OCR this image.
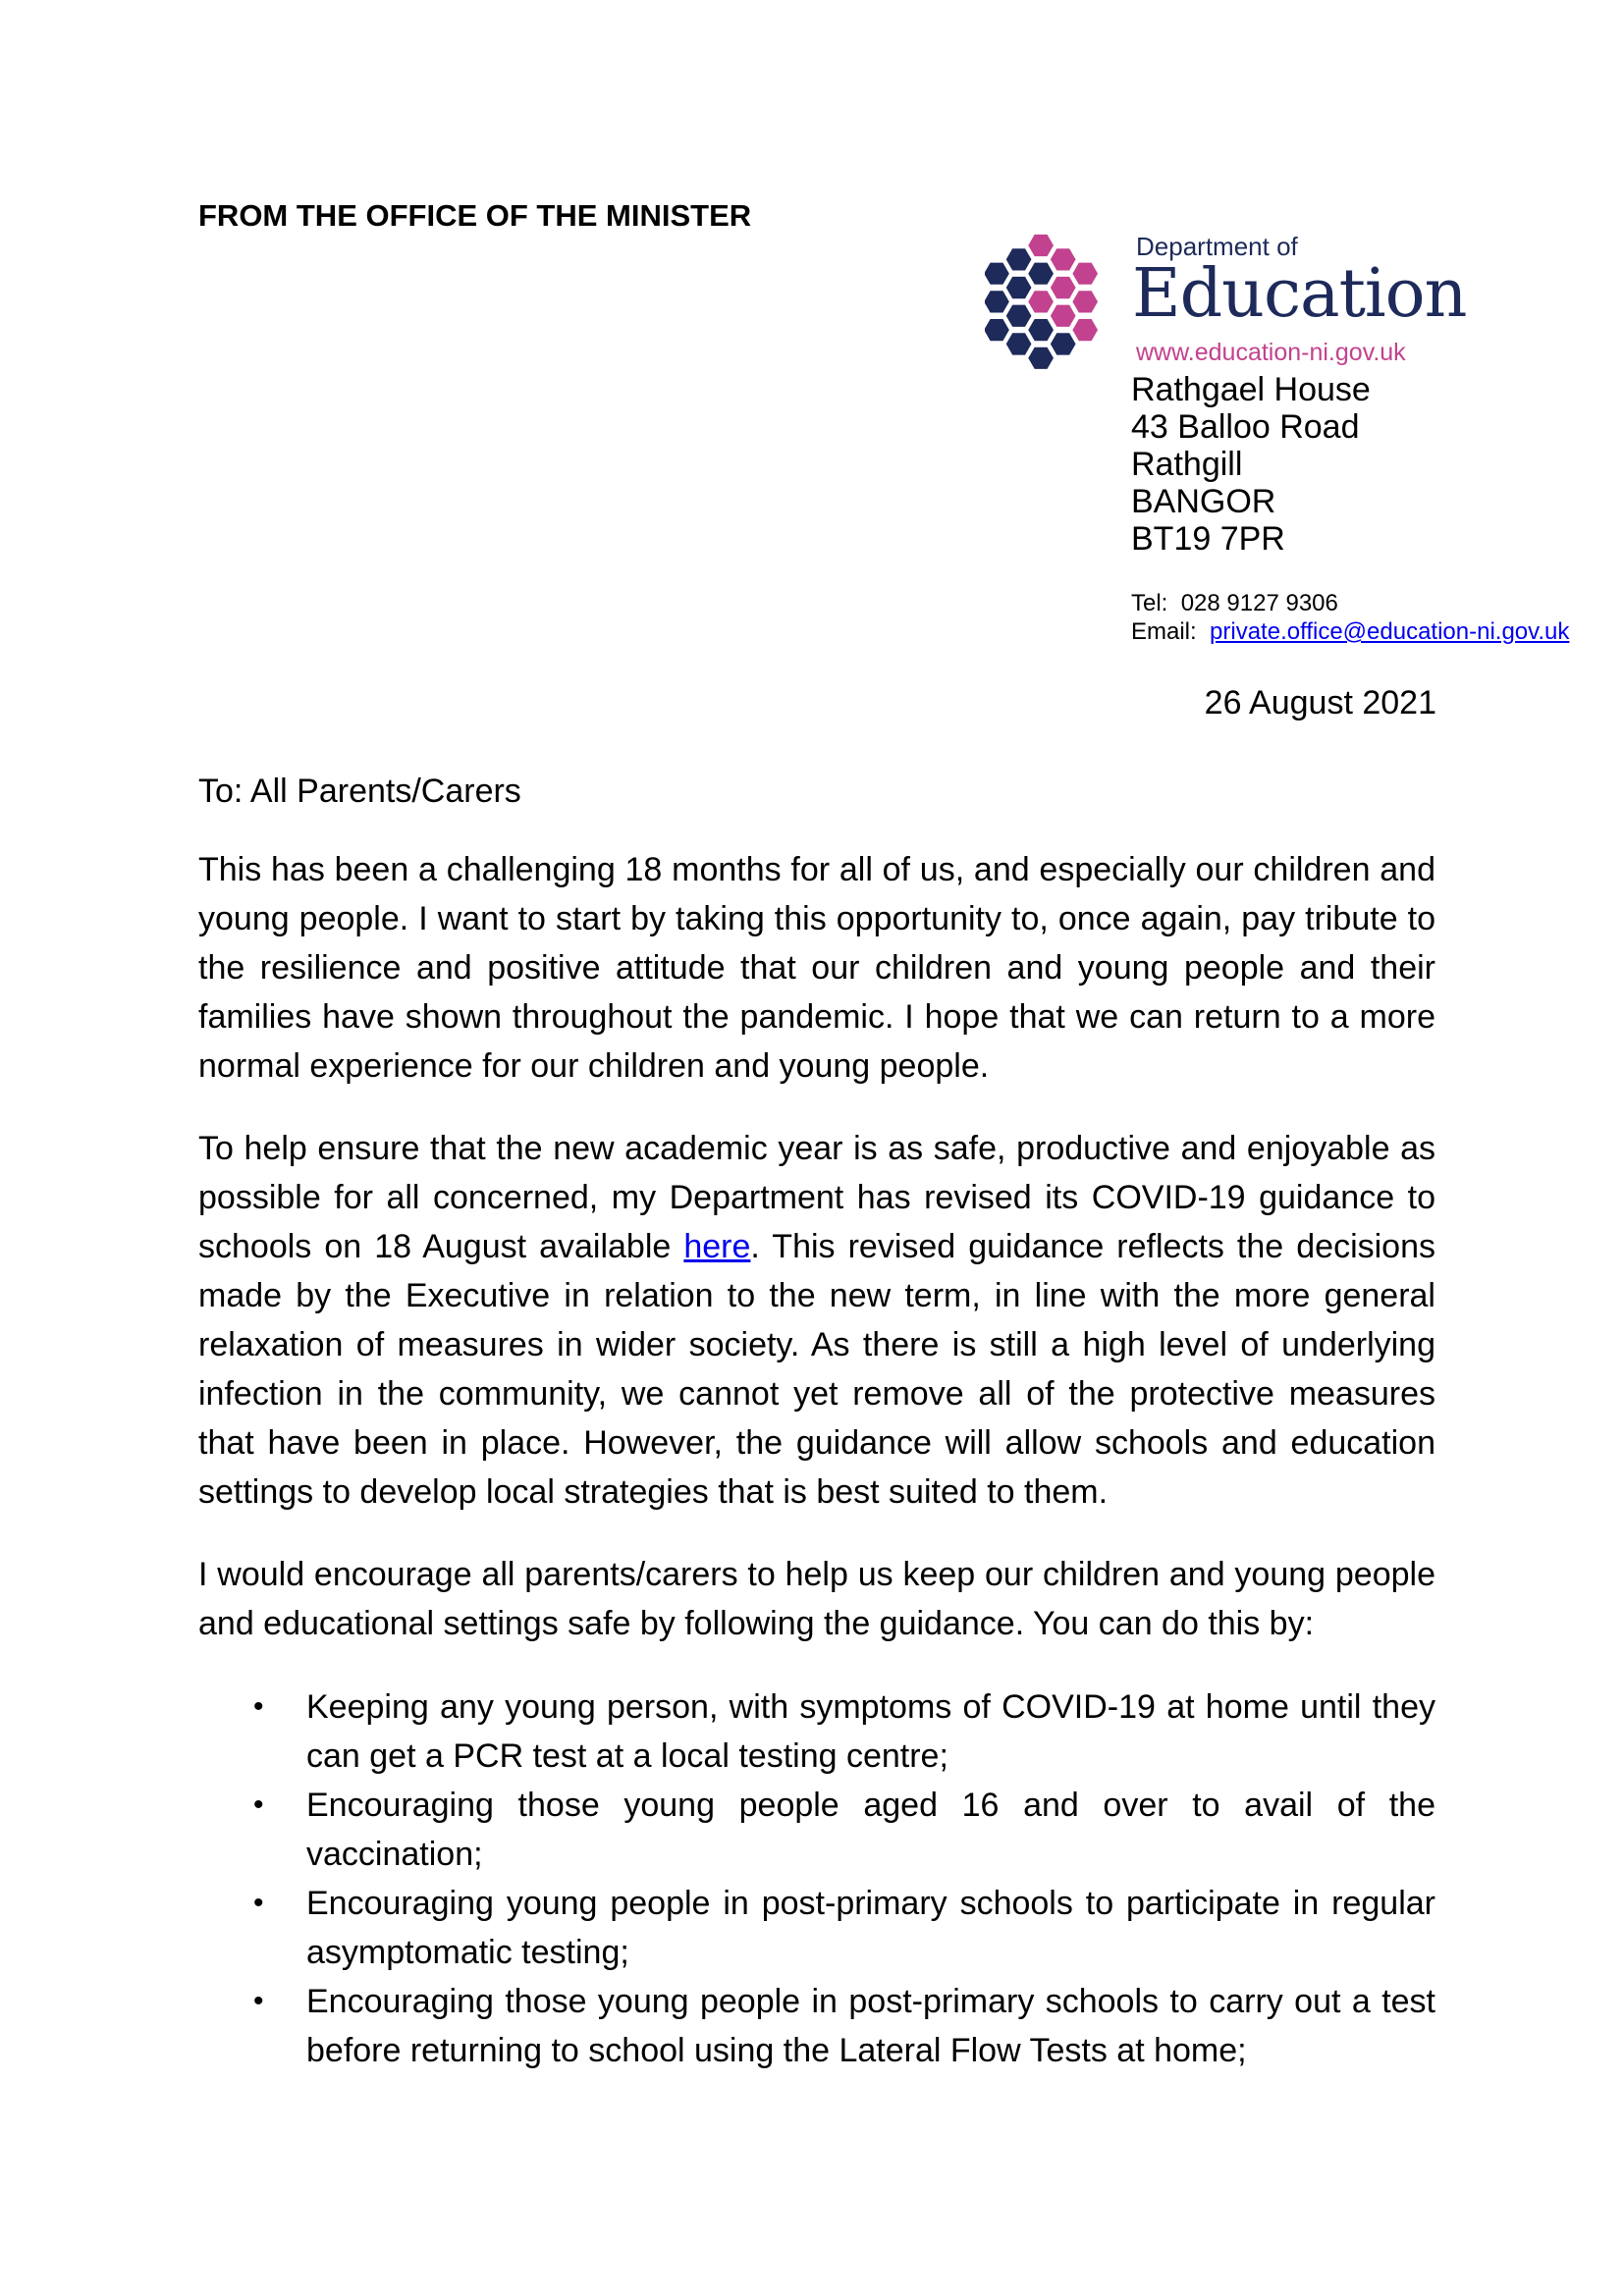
FROM THE OFFICE OF THE MINISTER
Department of
Education
www.education-ni.gov.uk
Rathgael House
43 Balloo Road
Rathgill
BANGOR
BT19 7PR
Tel: 028 9127 9306
Email: private.office@education-ni.gov.uk
26 August 2021

To: All Parents/Carers

This has been a challenging 18 months for all of us, and especially our children and young people. I want to start by taking this opportunity to, once again, pay tribute to the resilience and positive attitude that our children and young people and their families have shown throughout the pandemic. I hope that we can return to a more normal experience for our children and young people.

To help ensure that the new academic year is as safe, productive and enjoyable as possible for all concerned, my Department has revised its COVID-19 guidance to schools on 18 August available here. This revised guidance reflects the decisions made by the Executive in relation to the new term, in line with the more general relaxation of measures in wider society. As there is still a high level of underlying infection in the community, we cannot yet remove all of the protective measures that have been in place. However, the guidance will allow schools and education settings to develop local strategies that is best suited to them.

I would encourage all parents/carers to help us keep our children and young people and educational settings safe by following the guidance. You can do this by:

• Keeping any young person, with symptoms of COVID-19 at home until they can get a PCR test at a local testing centre;
• Encouraging those young people aged 16 and over to avail of the vaccination;
• Encouraging young people in post-primary schools to participate in regular asymptomatic testing;
• Encouraging those young people in post-primary schools to carry out a test before returning to school using the Lateral Flow Tests at home;
